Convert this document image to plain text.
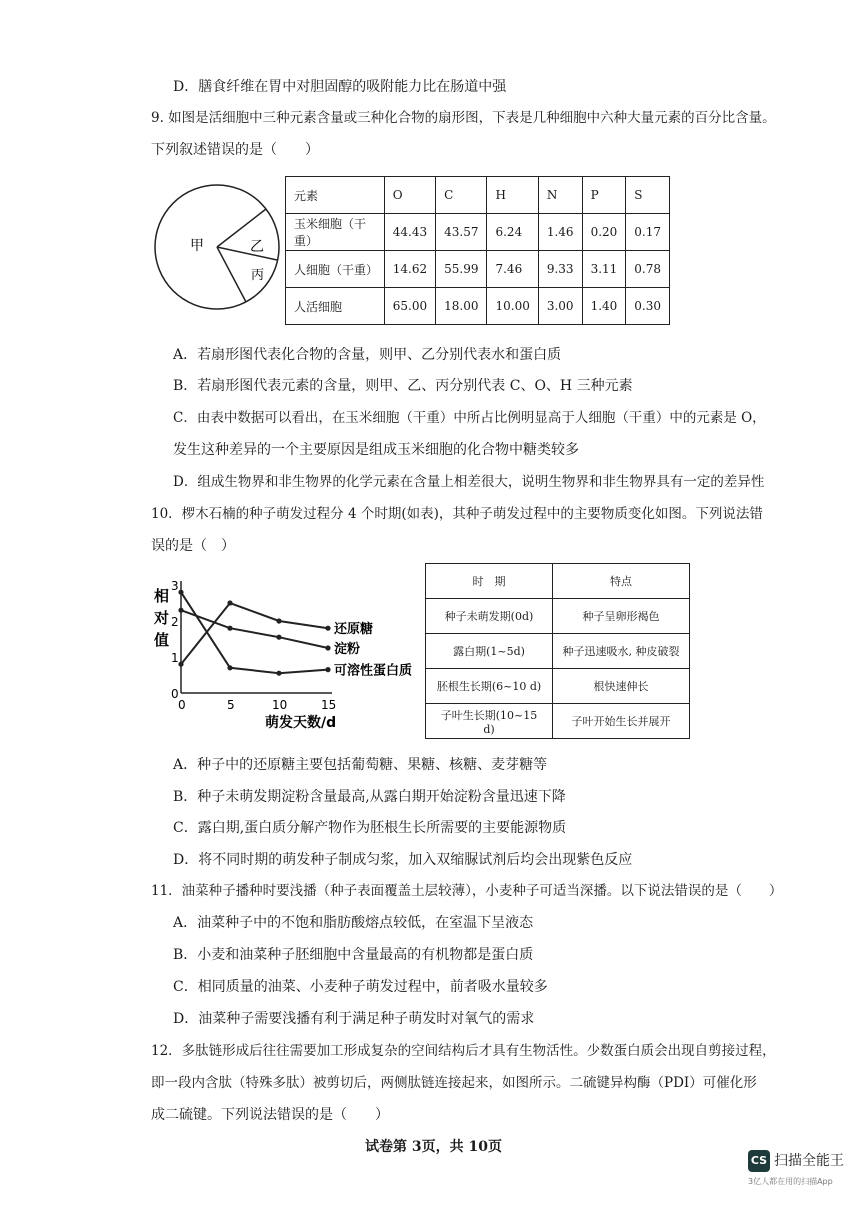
D．膳食纤维在胃中对胆固醇的吸附能力比在肠道中强
9. 如图是活细胞中三种元素含量或三种化合物的扇形图，下表是几种细胞中六种大量元素的百分比含量。
下列叙述错误的是（　　）
甲	乙
丙
元素	O	C	H	N	P	S
玉米细胞（干重）	44.43	43.57	6.24	1.46	0.20	0.17
人细胞（干重）	14.62	55.99	7.46	9.33	3.11	0.78
人活细胞	65.00	18.00	10.00	3.00	1.40	0.30
A．若扇形图代表化合物的含量，则甲、乙分别代表水和蛋白质
B．若扇形图代表元素的含量，则甲、乙、丙分别代表 C、O、H 三种元素
C．由表中数据可以看出，在玉米细胞（干重）中所占比例明显高于人细胞（干重）中的元素是 O，
发生这种差异的一个主要原因是组成玉米细胞的化合物中糖类较多
D．组成生物界和非生物界的化学元素在含量上相差很大，说明生物界和非生物界具有一定的差异性
10．椤木石楠的种子萌发过程分 4 个时期(如表)，其种子萌发过程中的主要物质变化如图。下列说法错
误的是（　）
0
1
2
3
0	5	10	15
相
对
值
萌发天数/d
还原糖
淀粉
可溶性蛋白质
时　期	特点
种子未萌发期(0d)	种子呈卵形褐色
露白期(1~5d)	种子迅速吸水, 种皮破裂
胚根生长期(6~10 d)	根快速伸长
子叶生长期(10~15 d)	子叶开始生长并展开
A．种子中的还原糖主要包括葡萄糖、果糖、核糖、麦芽糖等
B．种子未萌发期淀粉含量最高,从露白期开始淀粉含量迅速下降
C．露白期,蛋白质分解产物作为胚根生长所需要的主要能源物质
D．将不同时期的萌发种子制成匀浆，加入双缩脲试剂后均会出现紫色反应
11．油菜种子播种时要浅播（种子表面覆盖土层较薄），小麦种子可适当深播。以下说法错误的是（　　）
A．油菜种子中的不饱和脂肪酸熔点较低，在室温下呈液态
B．小麦和油菜种子胚细胞中含量最高的有机物都是蛋白质
C．相同质量的油菜、小麦种子萌发过程中，前者吸水量较多
D．油菜种子需要浅播有利于满足种子萌发时对氧气的需求
12．多肽链形成后往往需要加工形成复杂的空间结构后才具有生物活性。少数蛋白质会出现自剪接过程，
即一段内含肽（特殊多肽）被剪切后，两侧肽链连接起来，如图所示。二硫键异构酶（PDI）可催化形
成二硫键。下列说法错误的是（　　）
试卷第 3页，共 10页
CS 扫描全能王
3亿人都在用的扫描App
